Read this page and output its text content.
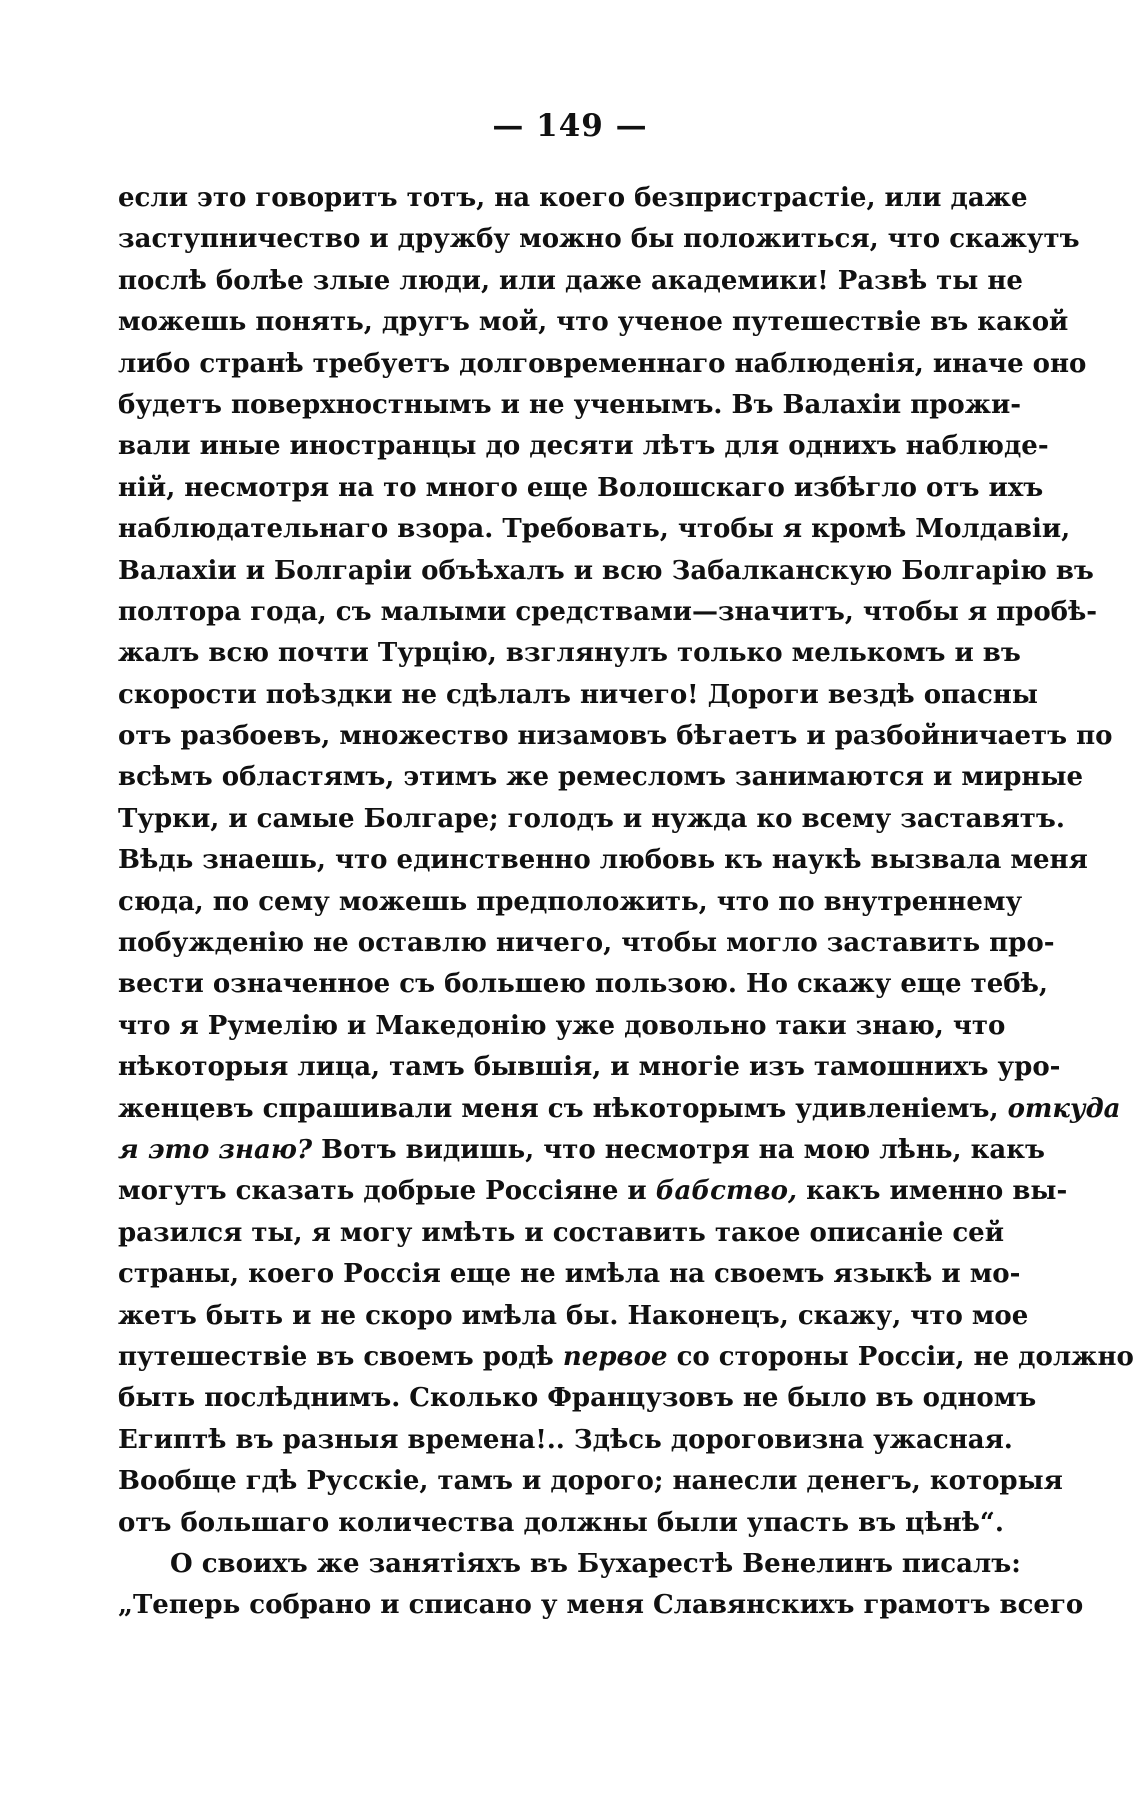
— 149 —
если это говоритъ тотъ, на коего безпристрастіе, или даже
заступничество и дружбу можно бы положиться, что скажутъ
послѣ болѣе злые люди, или даже академики! Развѣ ты не
можешь понять, другъ мой, что ученое путешествіе въ какой
либо странѣ требуетъ долговременнаго наблюденія, иначе оно
будетъ поверхностнымъ и не ученымъ. Въ Валахіи прожи-
вали иные иностранцы до десяти лѣтъ для однихъ наблюде-
ній, несмотря на то много еще Волошскаго избѣгло отъ ихъ
наблюдательнаго взора. Требовать, чтобы я кромѣ Молдавіи,
Валахіи и Болгаріи объѣхалъ и всю Забалканскую Болгарію въ
полтора года, съ малыми средствами—значитъ, чтобы я пробѣ-
жалъ всю почти Турцію, взглянулъ только мелькомъ и въ
скорости поѣздки не сдѣлалъ ничего! Дороги вездѣ опасны
отъ разбоевъ, множество низамовъ бѣгаетъ и разбойничаетъ по
всѣмъ областямъ, этимъ же ремесломъ занимаются и мирные
Турки, и самые Болгаре; голодъ и нужда ко всему заставятъ.
Вѣдь знаешь, что единственно любовь къ наукѣ вызвала меня
сюда, по сему можешь предположить, что по внутреннему
побужденію не оставлю ничего, чтобы могло заставить про-
вести означенное съ большею пользою. Но скажу еще тебѣ,
что я Румелію и Македонію уже довольно таки знаю, что
нѣкоторыя лица, тамъ бывшія, и многіе изъ тамошнихъ уро-
женцевъ спрашивали меня съ нѣкоторымъ удивленіемъ, откуда
я это знаю? Вотъ видишь, что несмотря на мою лѣнь, какъ
могутъ сказать добрые Россіяне и бабство, какъ именно вы-
разился ты, я могу имѣть и составить такое описаніе сей
страны, коего Россія еще не имѣла на своемъ языкѣ и мо-
жетъ быть и не скоро имѣла бы. Наконецъ, скажу, что мое
путешествіе въ своемъ родѣ первое со стороны Россіи, не должно
быть послѣднимъ. Сколько Французовъ не было въ одномъ
Египтѣ въ разныя времена!.. Здѣсь дороговизна ужасная.
Вообще гдѣ Русскіе, тамъ и дорого; нанесли денегъ, которыя
отъ большаго количества должны были упасть въ цѣнѣ“.
О своихъ же занятіяхъ въ Бухарестѣ Венелинъ писалъ:
„Теперь собрано и списано у меня Славянскихъ грамотъ всего
